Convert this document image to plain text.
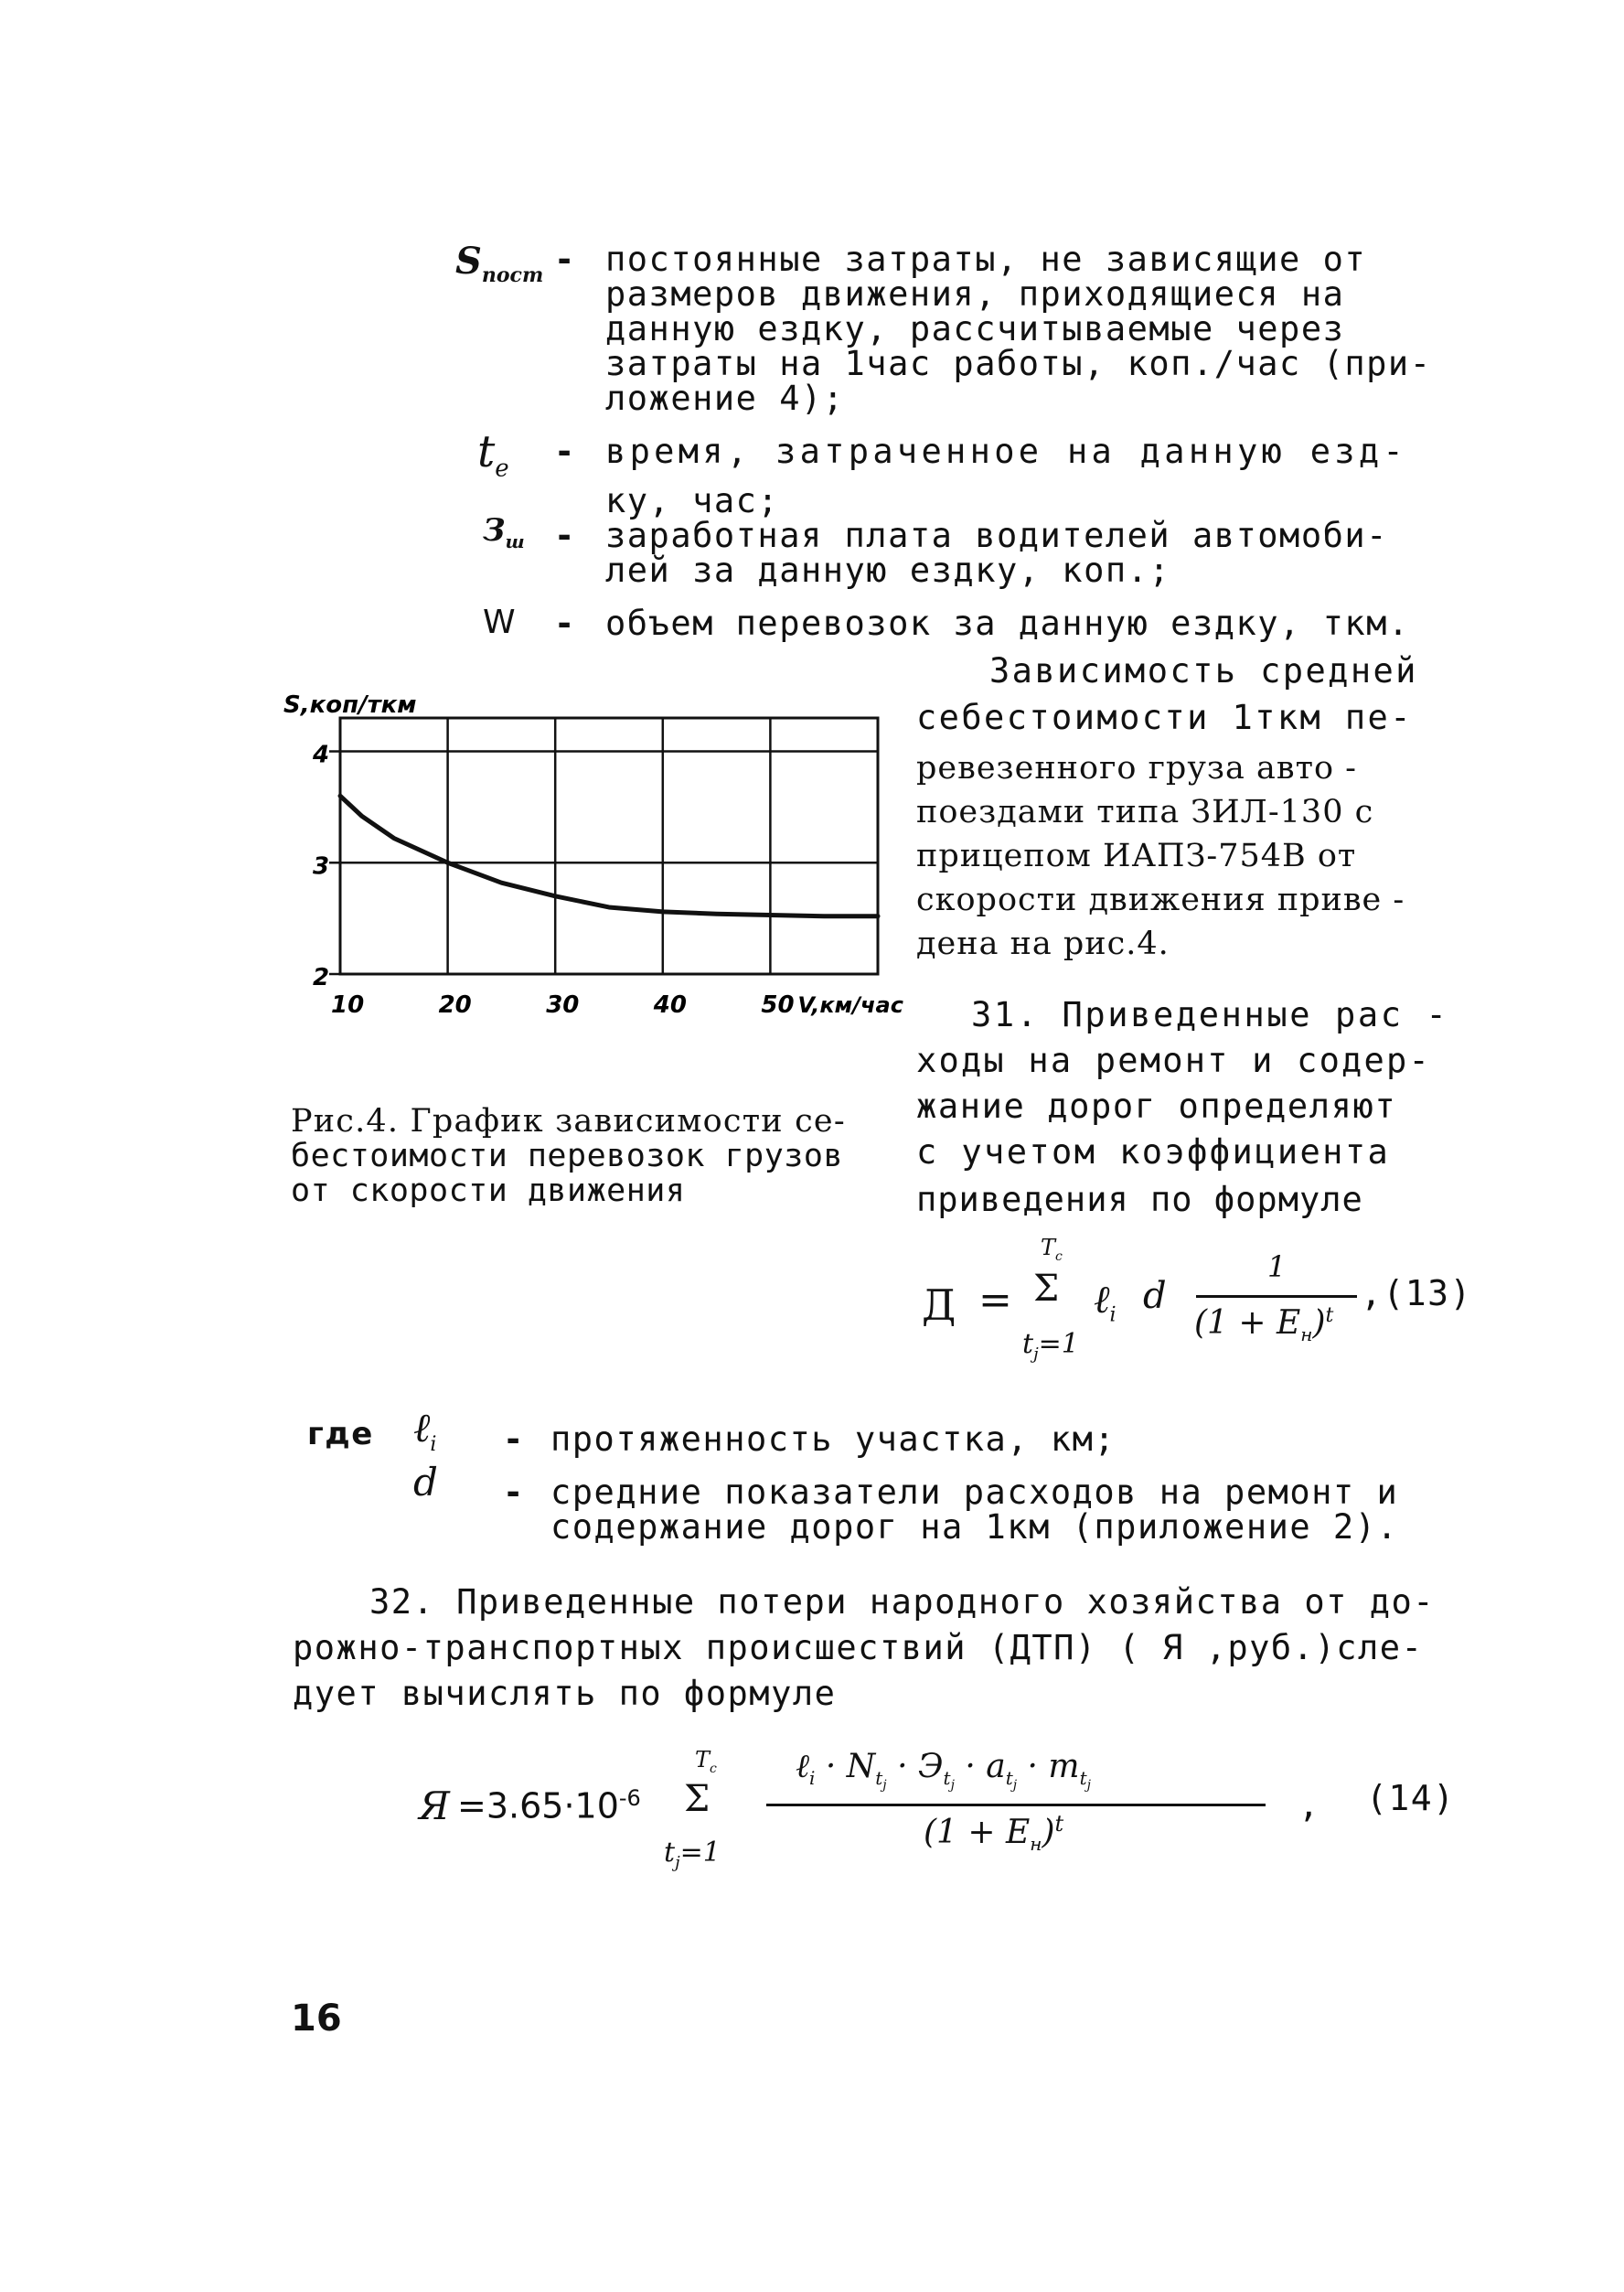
$S_{пост}$ - постоянные затраты, не зависящие от
размеров движения, приходящиеся на
данную ездку, рассчитываемые через
затраты на 1час работы, коп./час (при-
ложение 4);
$t_e$ - время, затраченное на данную езд-
ку, час;
$З_ш$ - заработная плата водителей автомоби-
лей за данную ездку, коп.;
W - объем перевозок за данную ездку, ткм.
Зависимость средней
себестоимости 1ткм пе-
ревезенного груза авто -
поездами типа ЗИЛ-130 с
прицепом ИАПЗ-754В от
скорости движения приве -
дена на рис.4.
2
3
4
10	20	30	40	50 V,км/час
S,коп/ткм
31. Приведенные рас -
ходы на ремонт и содер-
жание дорог определяют
с учетом коэффициента
приведения по формуле
Рис.4. График зависимости се-
бестоимости перевозок грузов
от скорости движения
Д =
$T_c$
Σ
$t_j=1$
ℓ$_i$ d
1
$(1 + E_н)^t$
,(13)
где ℓ$_i$ - протяженность участка, км;
d - средние показатели расходов на ремонт и
содержание дорог на 1км (приложение 2).
32. Приведенные потери народного хозяйства от до-
рожно-транспортных происшествий (ДТП) ( Я ,руб.)сле-
дует вычислять по формуле
$Я =3.65\cdot 10^{-6}$
$T_c$
Σ
$t_j=1$
ℓ$_i$ · $N_{t_j} \cdot Э_{t_j} \cdot a_{t_j} \cdot m_{t_j}$
$(1 + E_н)^t$	, (14)
16
